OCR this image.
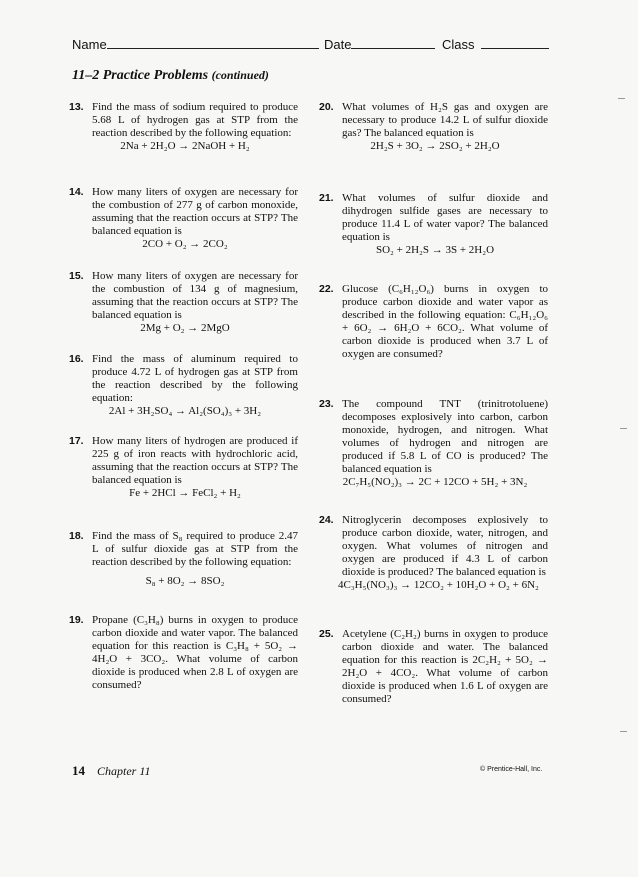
Name	Date	Class
11–2 Practice Problems (continued)
13. Find the mass of sodium required to produce 5.68 L of hydrogen gas at STP from the reaction described by the following equation:
2Na + 2H₂O → 2NaOH + H₂
14. How many liters of oxygen are necessary for the combustion of 277 g of carbon monoxide, assuming that the reaction occurs at STP? The balanced equation is
2CO + O₂ → 2CO₂
15. How many liters of oxygen are necessary for the combustion of 134 g of magnesium, assuming that the reaction occurs at STP? The balanced equation is
2Mg + O₂ → 2MgO
16. Find the mass of aluminum required to produce 4.72 L of hydrogen gas at STP from the reaction described by the following equation:
2Al + 3H₂SO₄ → Al₂(SO₄)₃ + 3H₂
17. How many liters of hydrogen are produced if 225 g of iron reacts with hydrochloric acid, assuming that the reaction occurs at STP? The balanced equation is
Fe + 2HCl → FeCl₂ + H₂
18. Find the mass of S₈ required to produce 2.47 L of sulfur dioxide gas at STP from the reaction described by the following equation:
S₈ + 8O₂ → 8SO₂
19. Propane (C₃H₈) burns in oxygen to produce carbon dioxide and water vapor. The balanced equation for this reaction is C₃H₈ + 5O₂ → 4H₂O + 3CO₂. What volume of carbon dioxide is produced when 2.8 L of oxygen are consumed?
20. What volumes of H₂S gas and oxygen are necessary to produce 14.2 L of sulfur dioxide gas? The balanced equation is
2H₂S + 3O₂ → 2SO₂ + 2H₂O
21. What volumes of sulfur dioxide and dihydrogen sulfide gases are necessary to produce 11.4 L of water vapor? The balanced equation is
SO₂ + 2H₂S → 3S + 2H₂O
22. Glucose (C₆H₁₂O₆) burns in oxygen to produce carbon dioxide and water vapor as described in the following equation: C₆H₁₂O₆ + 6O₂ → 6H₂O + 6CO₂. What volume of carbon dioxide is produced when 3.7 L of oxygen are consumed?
23. The compound TNT (trinitrotoluene) decomposes explosively into carbon, carbon monoxide, hydrogen, and nitrogen. What volumes of hydrogen and nitrogen are produced if 5.8 L of CO is produced? The balanced equation is
2C₇H₅(NO₂)₃ → 2C + 12CO + 5H₂ + 3N₂
24. Nitroglycerin decomposes explosively to produce carbon dioxide, water, nitrogen, and oxygen. What volumes of nitrogen and oxygen are produced if 4.3 L of carbon dioxide is produced? The balanced equation is
4C₃H₅(NO₃)₃ → 12CO₂ + 10H₂O + O₂ + 6N₂
25. Acetylene (C₂H₂) burns in oxygen to produce carbon dioxide and water. The balanced equation for this reaction is 2C₂H₂ + 5O₂ → 2H₂O + 4CO₂. What volume of carbon dioxide is produced when 1.6 L of oxygen are consumed?
14 Chapter 11	© Prentice-Hall, Inc.
